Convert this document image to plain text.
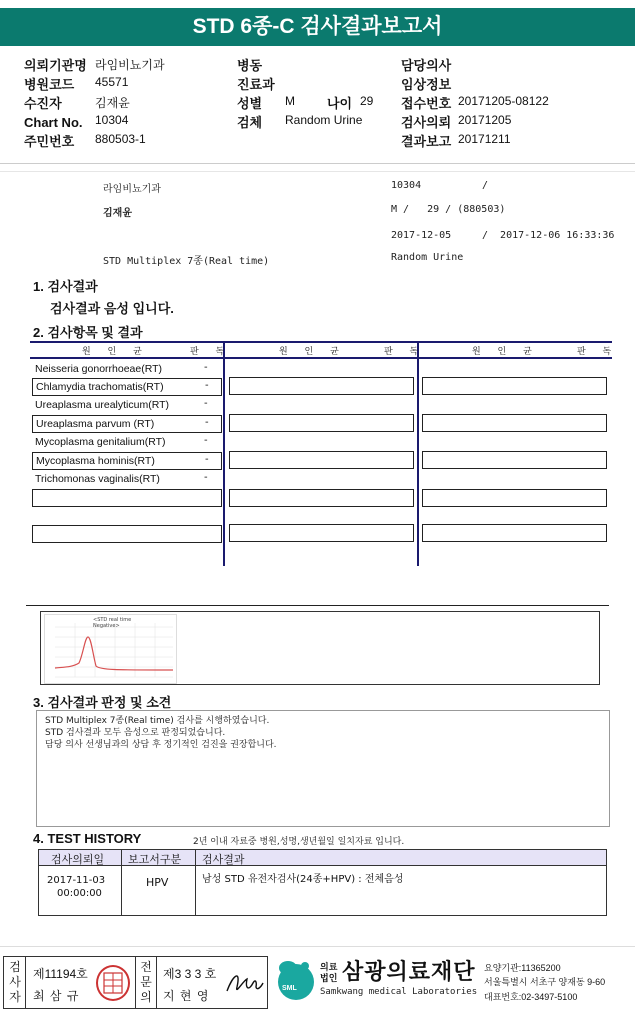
STD 6종-C 검사결과보고서
의뢰기관명 라임비뇨기과
병원코드 45571
수진자	김재윤
Chart No. 10304
주민번호 880503-1
병동
진료과
성별 M 나이 29
검체 Random Urine
담당의사
임상정보
접수번호 20171205-08122
검사의뢰 20171205
결과보고 20171211
라임비뇨기과	10304	/
김재윤	M /   29 / (880503)
2017-12-05	/  2017-12-06 16:33:36
STD Multiplex 7종(Real time)	Random Urine
1. 검사결과
검사결과 음성 입니다.
2. 검사항목 및 결과
원 인 균	판 독	원 인 균	판 독	원 인 균	판 독
Neisseria gonorrhoeae(RT)	-
Chlamydia trachomatis(RT)	-
Ureaplasma urealyticum(RT)	-
Ureaplasma parvum (RT)	-
Mycoplasma genitalium(RT)	-
Mycoplasma hominis(RT)	-
Trichomonas vaginalis(RT)	-
<STD real time
Negative>
3. 검사결과 판정 및 소견
STD Multiplex 7종(Real time) 검사를 시행하였습니다.
STD 검사결과 모두 음성으로 판정되었습니다.
담당 의사 선생님과의 상담 후 정기적인 검진을 권장합니다.
4. TEST HISTORY	2년 이내 자료중 병원,성명,생년월일 일치자료 입니다.
검사의뢰일 보고서구분 검사결과
2017-11-03
00:00:00
HPV	남성 STD 유전자검사(24종+HPV) : 전체음성
검사자
제11194호
최 삼 규
전문의
제3 3 3 호
지 현 영
SML
의료
법인 삼광의료재단
Samkwang medical Laboratories
요양기관:11365200
서울특별시 서초구 양재동 9-60
대표번호:02-3497-5100
